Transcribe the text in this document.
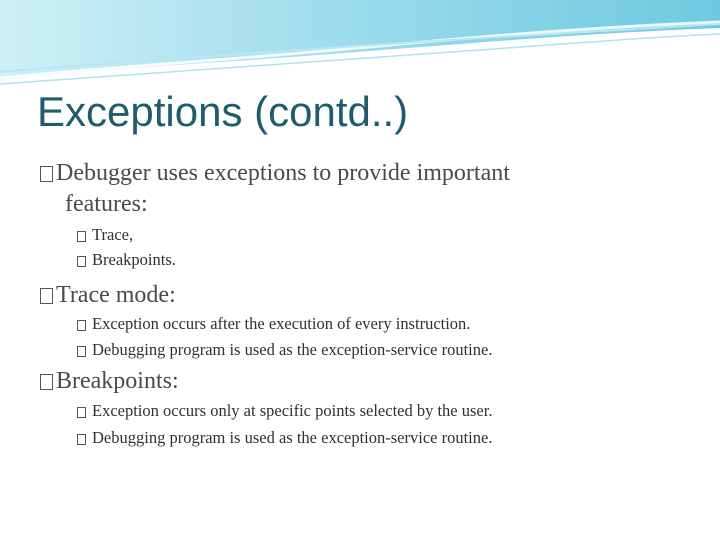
Exceptions (contd..)
Debugger uses exceptions to provide important
features:
Trace,
Breakpoints.
Trace mode:
Exception occurs after the execution of every instruction.
Debugging program is used as the exception-service routine.
Breakpoints:
Exception occurs only at specific points selected by the user.
Debugging program is used as the exception-service routine.
